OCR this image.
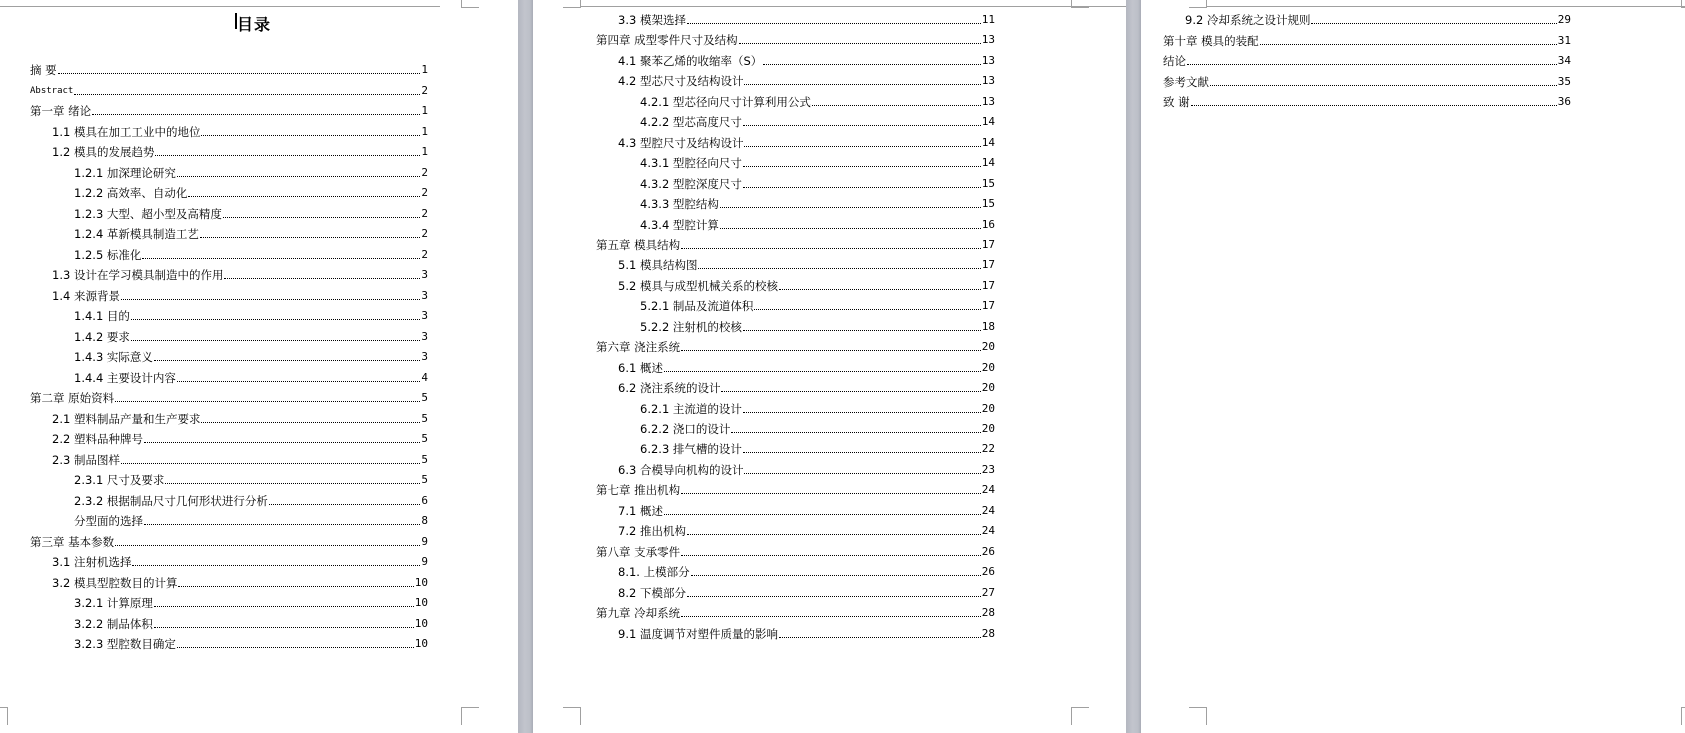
目录
摘 要	1
Abstract	2
第一章 绪论	1
1.1 模具在加工工业中的地位	1
1.2 模具的发展趋势	1
1.2.1 加深理论研究	2
1.2.2 高效率、自动化	2
1.2.3 大型、超小型及高精度	2
1.2.4 革新模具制造工艺	2
1.2.5 标准化	2
1.3 设计在学习模具制造中的作用	3
1.4 来源背景	3
1.4.1 目的	3
1.4.2 要求	3
1.4.3 实际意义	3
1.4.4 主要设计内容	4
第二章 原始资料	5
2.1 塑料制品产量和生产要求	5
2.2 塑料品种牌号	5
2.3 制品图样	5
2.3.1 尺寸及要求	5
2.3.2 根据制品尺寸几何形状进行分析	6
分型面的选择	8
第三章 基本参数	9
3.1 注射机选择	9
3.2 模具型腔数目的计算	10
3.2.1 计算原理	10
3.2.2 制品体积	10
3.2.3 型腔数目确定	10
3.3 模架选择	11
第四章 成型零件尺寸及结构	13
4.1 聚苯乙烯的收缩率（S）	13
4.2 型芯尺寸及结构设计	13
4.2.1 型芯径向尺寸计算利用公式	13
4.2.2 型芯高度尺寸	14
4.3 型腔尺寸及结构设计	14
4.3.1 型腔径向尺寸	14
4.3.2 型腔深度尺寸	15
4.3.3 型腔结构	15
4.3.4 型腔计算	16
第五章 模具结构	17
5.1 模具结构图	17
5.2 模具与成型机械关系的校核	17
5.2.1 制品及流道体积	17
5.2.2 注射机的校核	18
第六章 浇注系统	20
6.1 概述	20
6.2 浇注系统的设计	20
6.2.1 主流道的设计	20
6.2.2 浇口的设计	20
6.2.3 排气槽的设计	22
6.3 合模导向机构的设计	23
第七章 推出机构	24
7.1 概述	24
7.2 推出机构	24
第八章 支承零件	26
8.1. 上模部分	26
8.2 下模部分	27
第九章 冷却系统	28
9.1 温度调节对塑件质量的影响	28
9.2 冷却系统之设计规则	29
第十章 模具的装配	31
结论	34
参考文献	35
致 谢	36
